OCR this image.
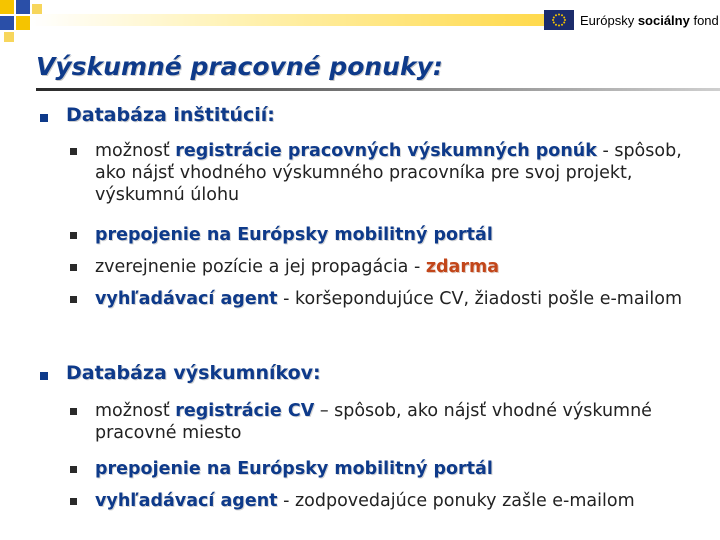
Európsky sociálny fond
Výskumné pracovné ponuky:
Databáza inštitúcií:
možnosť registrácie pracovných výskumných ponúk - spôsob, ako nájsť vhodného výskumného pracovníka pre svoj projekt, výskumnú úlohu
prepojenie na Európsky mobilitný portál
zverejnenie pozície a jej propagácia - zdarma
vyhľadávací agent - koršepondujúce CV, žiadosti pošle e-mailom
Databáza výskumníkov:
možnosť registrácie CV – spôsob, ako nájsť vhodné výskumné pracovné miesto
prepojenie na Európsky mobilitný portál
vyhľadávací agent - zodpovedajúce ponuky zašle e-mailom
